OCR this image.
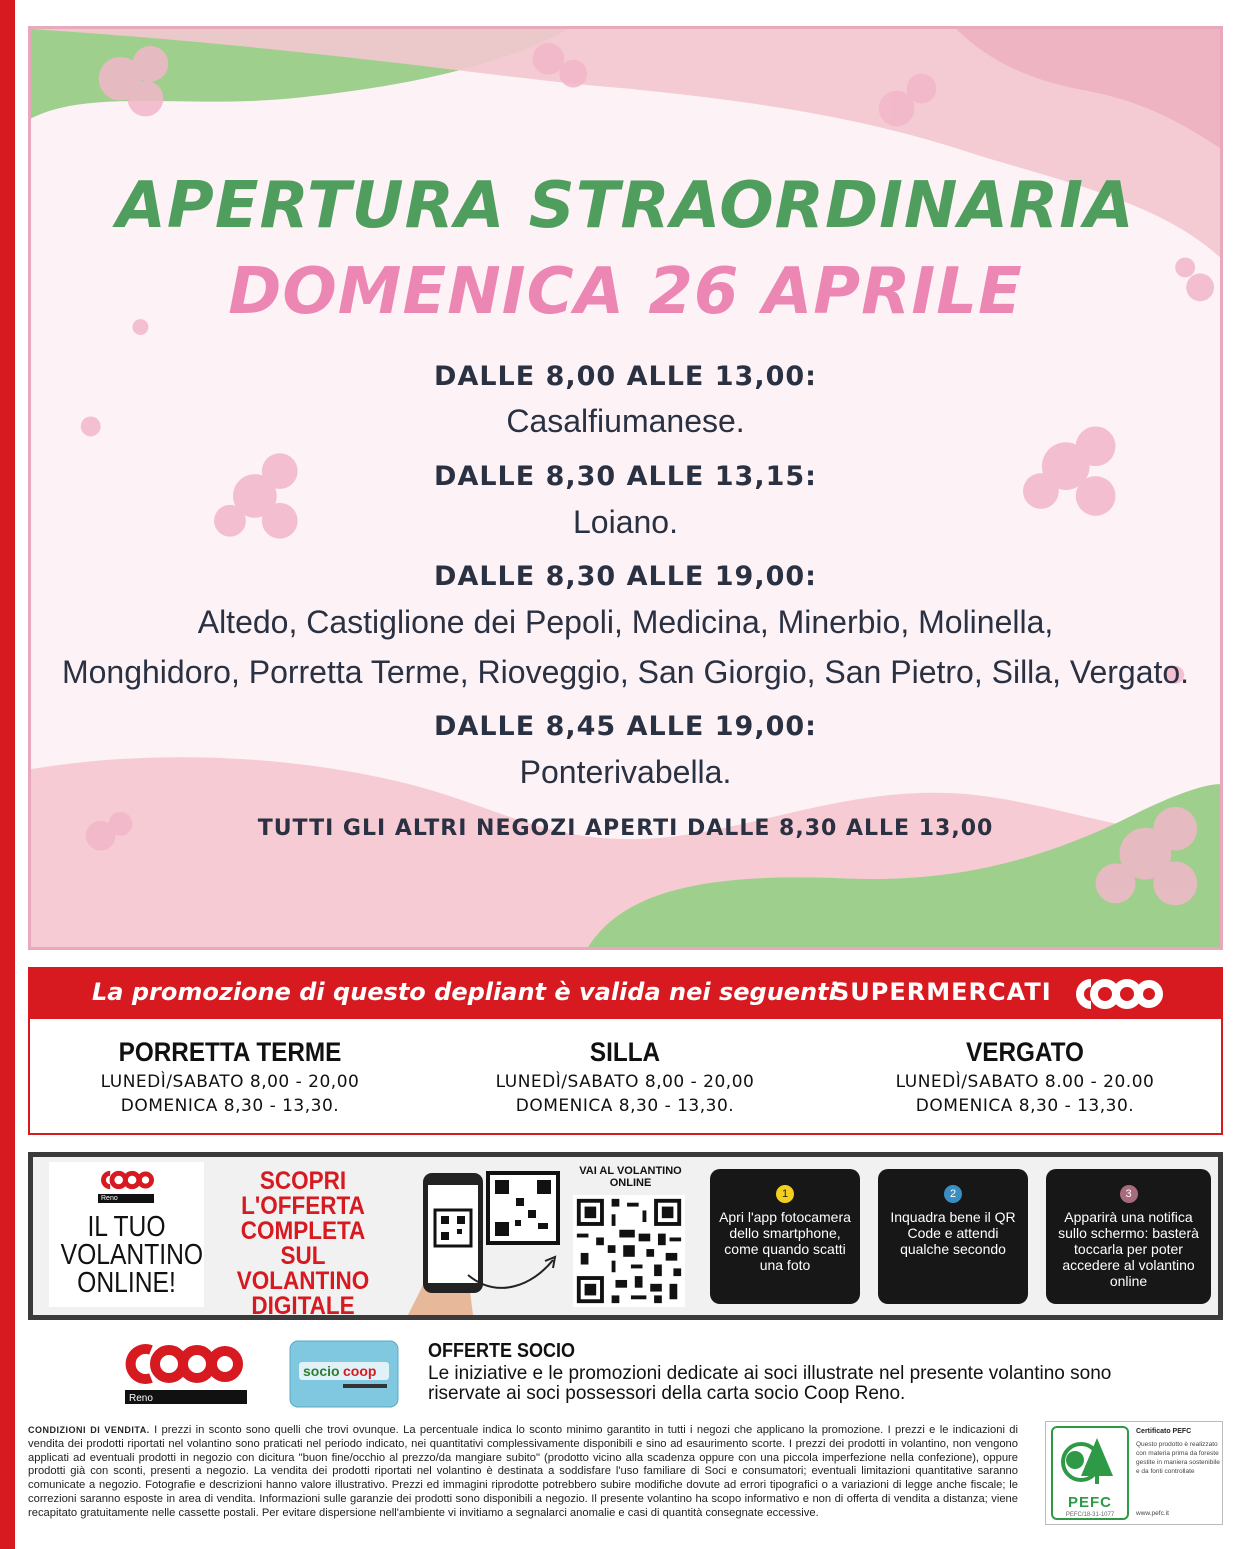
APERTURA STRAORDINARIA
DOMENICA 26 APRILE
DALLE 8,00 ALLE 13,00:
Casalfiumanese.
DALLE 8,30 ALLE 13,15:
Loiano.
DALLE 8,30 ALLE 19,00:
Altedo, Castiglione dei Pepoli, Medicina, Minerbio, Molinella,
Monghidoro, Porretta Terme, Rioveggio, San Giorgio, San Pietro, Silla, Vergato.
DALLE 8,45 ALLE 19,00:
Ponterivabella.
TUTTI GLI ALTRI NEGOZI APERTI DALLE 8,30 ALLE 13,00
La promozione di questo depliant è valida nei seguenti
SUPERMERCATI
PORRETTA TERME
LUNEDÌ/SABATO 8,00 - 20,00
DOMENICA 8,30 - 13,30.
SILLA
LUNEDÌ/SABATO 8,00 - 20,00
DOMENICA 8,30 - 13,30.
VERGATO
LUNEDÌ/SABATO 8.00 - 20.00
DOMENICA 8,30 - 13,30.
Reno
IL TUO
VOLANTINO
ONLINE!
SCOPRI
L'OFFERTA
COMPLETA SUL
VOLANTINO
DIGITALE
VAI AL VOLANTINO ONLINE
1
Apri l'app fotocamera dello smartphone, come quando scatti una foto
2
Inquadra bene il QR Code e attendi qualche secondo
3
Apparirà una notifica sullo schermo: basterà toccarla per poter accedere al volantino online
Reno
socio coop
OFFERTE SOCIO
Le iniziative e le promozioni dedicate ai soci illustrate nel presente volantino sono riservate ai soci possessori della carta socio Coop Reno.
CONDIZIONI DI VENDITA. I prezzi in sconto sono quelli che trovi ovunque. La percentuale indica lo sconto minimo garantito in tutti i negozi che applicano la promozione. I prezzi e le indicazioni di vendita dei prodotti riportati nel volantino sono praticati nel periodo indicato, nei quantitativi complessivamente disponibili e sino ad esaurimento scorte. I prezzi dei prodotti in volantino, non vengono applicati ad eventuali prodotti in negozio con dicitura "buon fine/occhio al prezzo/da mangiare subito" (prodotto vicino alla scadenza oppure con una piccola imperfezione nella confezione), oppure prodotti già con sconti, presenti a negozio. La vendita dei prodotti riportati nel volantino è destinata a soddisfare l'uso familiare di Soci e consumatori; eventuali limitazioni quantitative saranno comunicate a negozio. Fotografie e descrizioni hanno valore illustrativo. Prezzi ed immagini riprodotte potrebbero subire modifiche dovute ad errori tipografici o a variazioni di legge anche fiscale; le correzioni saranno esposte in area di vendita. Informazioni sulle garanzie dei prodotti sono disponibili a negozio. Il presente volantino ha scopo informativo e non di offerta di vendita a distanza; viene recapitato gratuitamente nelle cassette postali. Per evitare dispersione nell'ambiente vi invitiamo a segnalarci anomalie e casi di quantità consegnate eccessive.
PEFC
PEFC/18-31-1077
Certificato PEFC
Questo prodotto è realizzato con materia prima da foreste gestite in maniera sostenibile e da fonti controllate
www.pefc.it
